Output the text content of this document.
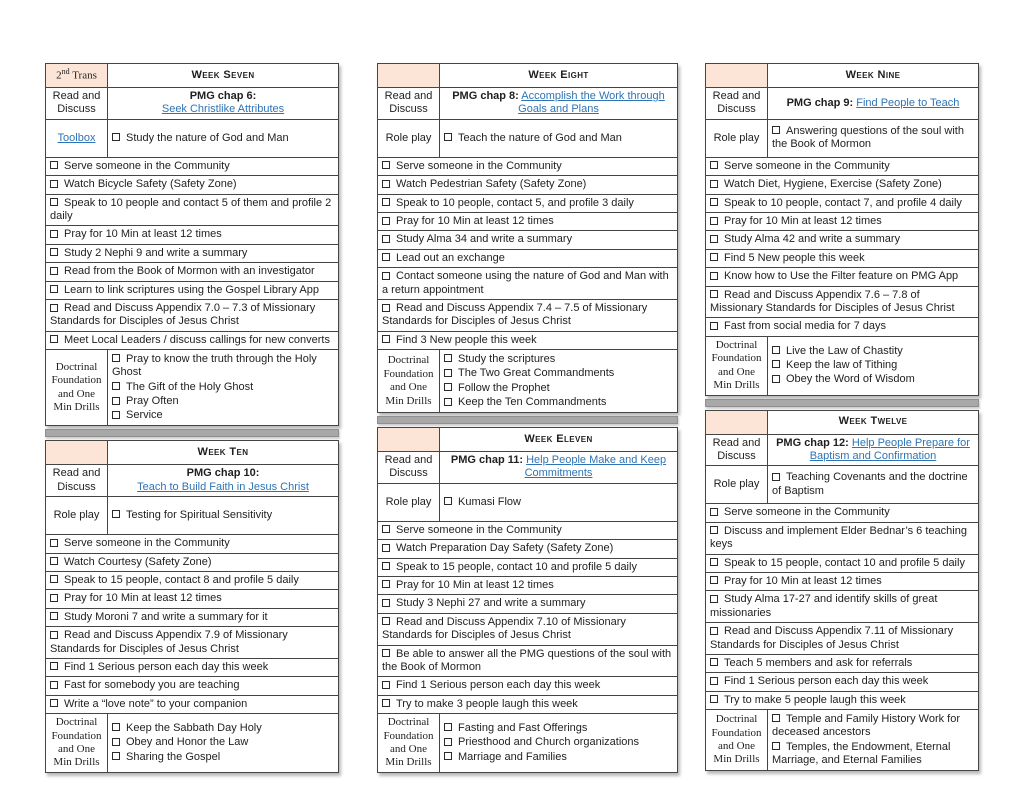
2nd Trans	Week Seven
Read and Discuss	PMG chap 6:
Seek Christlike Attributes
Toolbox	Study the nature of God and Man
Serve someone in the Community	
Watch Bicycle Safety (Safety Zone)	
Speak to 10 people and contact 5 of them and profile 2 daily	
Pray for 10 Min at least 12 times	
Study 2 Nephi 9 and write a summary	
Read from the Book of Mormon with an investigator	
Learn to link scriptures using the Gospel Library App	
Read and Discuss Appendix 7.0 – 7.3 of Missionary Standards for Disciples of Jesus Christ	
Meet Local Leaders / discuss callings for new converts	
Doctrinal Foundation and One Min Drills	Pray to know the truth through the Holy Ghost
The Gift of the Holy Ghost
Pray Often
Service
	Week Ten
Read and Discuss	PMG chap 10:
Teach to Build Faith in Jesus Christ
Role play	Testing for Spiritual Sensitivity
Serve someone in the Community	
Watch Courtesy (Safety Zone)	
Speak to 15 people, contact 8 and profile 5 daily	
Pray for 10 Min at least 12 times	
Study Moroni 7 and write a summary for it	
Read and Discuss Appendix 7.9 of Missionary Standards for Disciples of Jesus Christ	
Find 1 Serious person each day this week	
Fast for somebody you are teaching	
Write a “love note” to your companion	
Doctrinal Foundation and One Min Drills	Keep the Sabbath Day Holy
Obey and Honor the Law
Sharing the Gospel
	Week Eight
Read and Discuss	PMG chap 8: Accomplish the Work through Goals and Plans
Role play	Teach the nature of God and Man
Serve someone in the Community	
Watch Pedestrian Safety (Safety Zone)	
Speak to 10 people, contact 5, and profile 3 daily	
Pray for 10 Min at least 12 times	
Study Alma 34 and write a summary	
Lead out an exchange	
Contact someone using the nature of God and Man with a return appointment	
Read and Discuss Appendix 7.4 – 7.5 of Missionary Standards for Disciples of Jesus Christ	
Find 3 New people this week	
Doctrinal Foundation and One Min Drills	Study the scriptures
The Two Great Commandments
Follow the Prophet
Keep the Ten Commandments
	Week Eleven
Read and Discuss	PMG chap 11: Help People Make and Keep Commitments
Role play	Kumasi Flow
Serve someone in the Community	
Watch Preparation Day Safety (Safety Zone)	
Speak to 15 people, contact 10 and profile 5 daily	
Pray for 10 Min at least 12 times	
Study 3 Nephi 27 and write a summary	
Read and Discuss Appendix 7.10 of Missionary Standards for Disciples of Jesus Christ	
Be able to answer all the PMG questions of the soul with the Book of Mormon	
Find 1 Serious person each day this week	
Try to make 3 people laugh this week	
Doctrinal Foundation and One Min Drills	Fasting and Fast Offerings
Priesthood and Church organizations
Marriage and Families
	Week Nine
Read and Discuss	PMG chap 9: Find People to Teach
Role play	Answering questions of the soul with the Book of Mormon
Serve someone in the Community	
Watch Diet, Hygiene, Exercise (Safety Zone)	
Speak to 10 people, contact 7, and profile 4 daily	
Pray for 10 Min at least 12 times	
Study Alma 42 and write a summary	
Find 5 New people this week	
Know how to Use the Filter feature on PMG App	
Read and Discuss Appendix 7.6 – 7.8 of Missionary Standards for Disciples of Jesus Christ	
Fast from social media for 7 days	
Doctrinal Foundation and One Min Drills	Live the Law of Chastity
Keep the law of Tithing
Obey the Word of Wisdom
	Week Twelve
Read and Discuss	PMG chap 12: Help People Prepare for Baptism and Confirmation
Role play	Teaching Covenants and the doctrine of Baptism
Serve someone in the Community	
Discuss and implement Elder Bednar’s 6 teaching keys	
Speak to 15 people, contact 10 and profile 5 daily	
Pray for 10 Min at least 12 times	
Study Alma 17-27 and identify skills of great missionaries	
Read and Discuss Appendix 7.11 of Missionary Standards for Disciples of Jesus Christ	
Teach 5 members and ask for referrals	
Find 1 Serious person each day this week	
Try to make 5 people laugh this week	
Doctrinal Foundation and One Min Drills	Temple and Family History Work for deceased ancestors
Temples, the Endowment, Eternal Marriage, and Eternal Families
